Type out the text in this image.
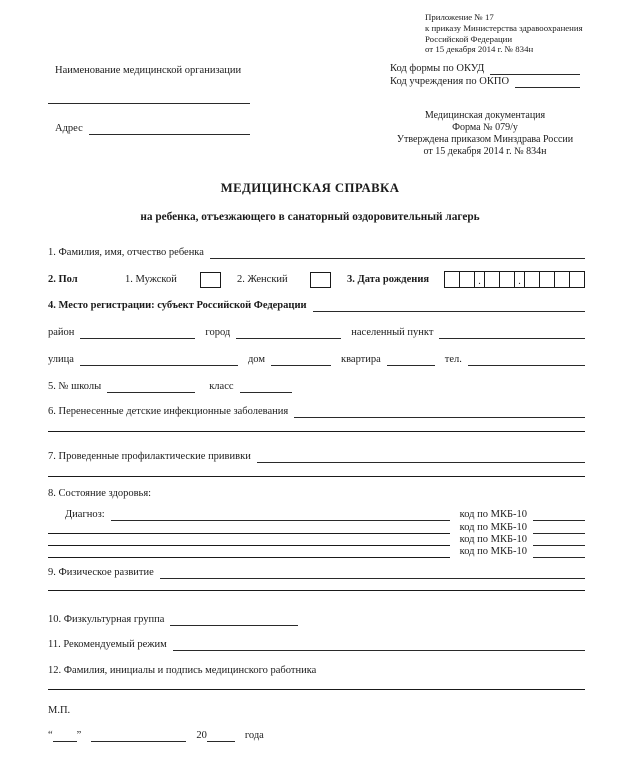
Приложение № 17
к приказу Министерства здравоохранения
Российской Федерации
от 15 декабря 2014 г. № 834н
Наименование медицинской организации	Код формы по ОКУД
Код учреждения по ОКПО
Медицинская документация
Форма № 079/у
Утверждена приказом Минздрава России
от 15 декабря 2014 г. № 834н
Адрес
МЕДИЦИНСКАЯ СПРАВКА
на ребенка, отъезжающего в санаторный оздоровительный лагерь
1. Фамилия, имя, отчество ребенка
2. Пол	1. Мужской	2. Женский	3. Дата рождения	.	.
4. Место регистрации: субъект Российской Федерации
район	город	населенный пункт
улица	дом	квартира	тел.
5. № школы	класс
6. Перенесенные детские инфекционные заболевания
7. Проведенные профилактические прививки
8. Состояние здоровья:
Диагноз:	код по МКБ-10
код по МКБ-10
код по МКБ-10
код по МКБ-10
9. Физическое развитие
10. Физкультурная группа
11. Рекомендуемый режим
12. Фамилия, инициалы и подпись медицинского работника
М.П.
“ ”	20	года
